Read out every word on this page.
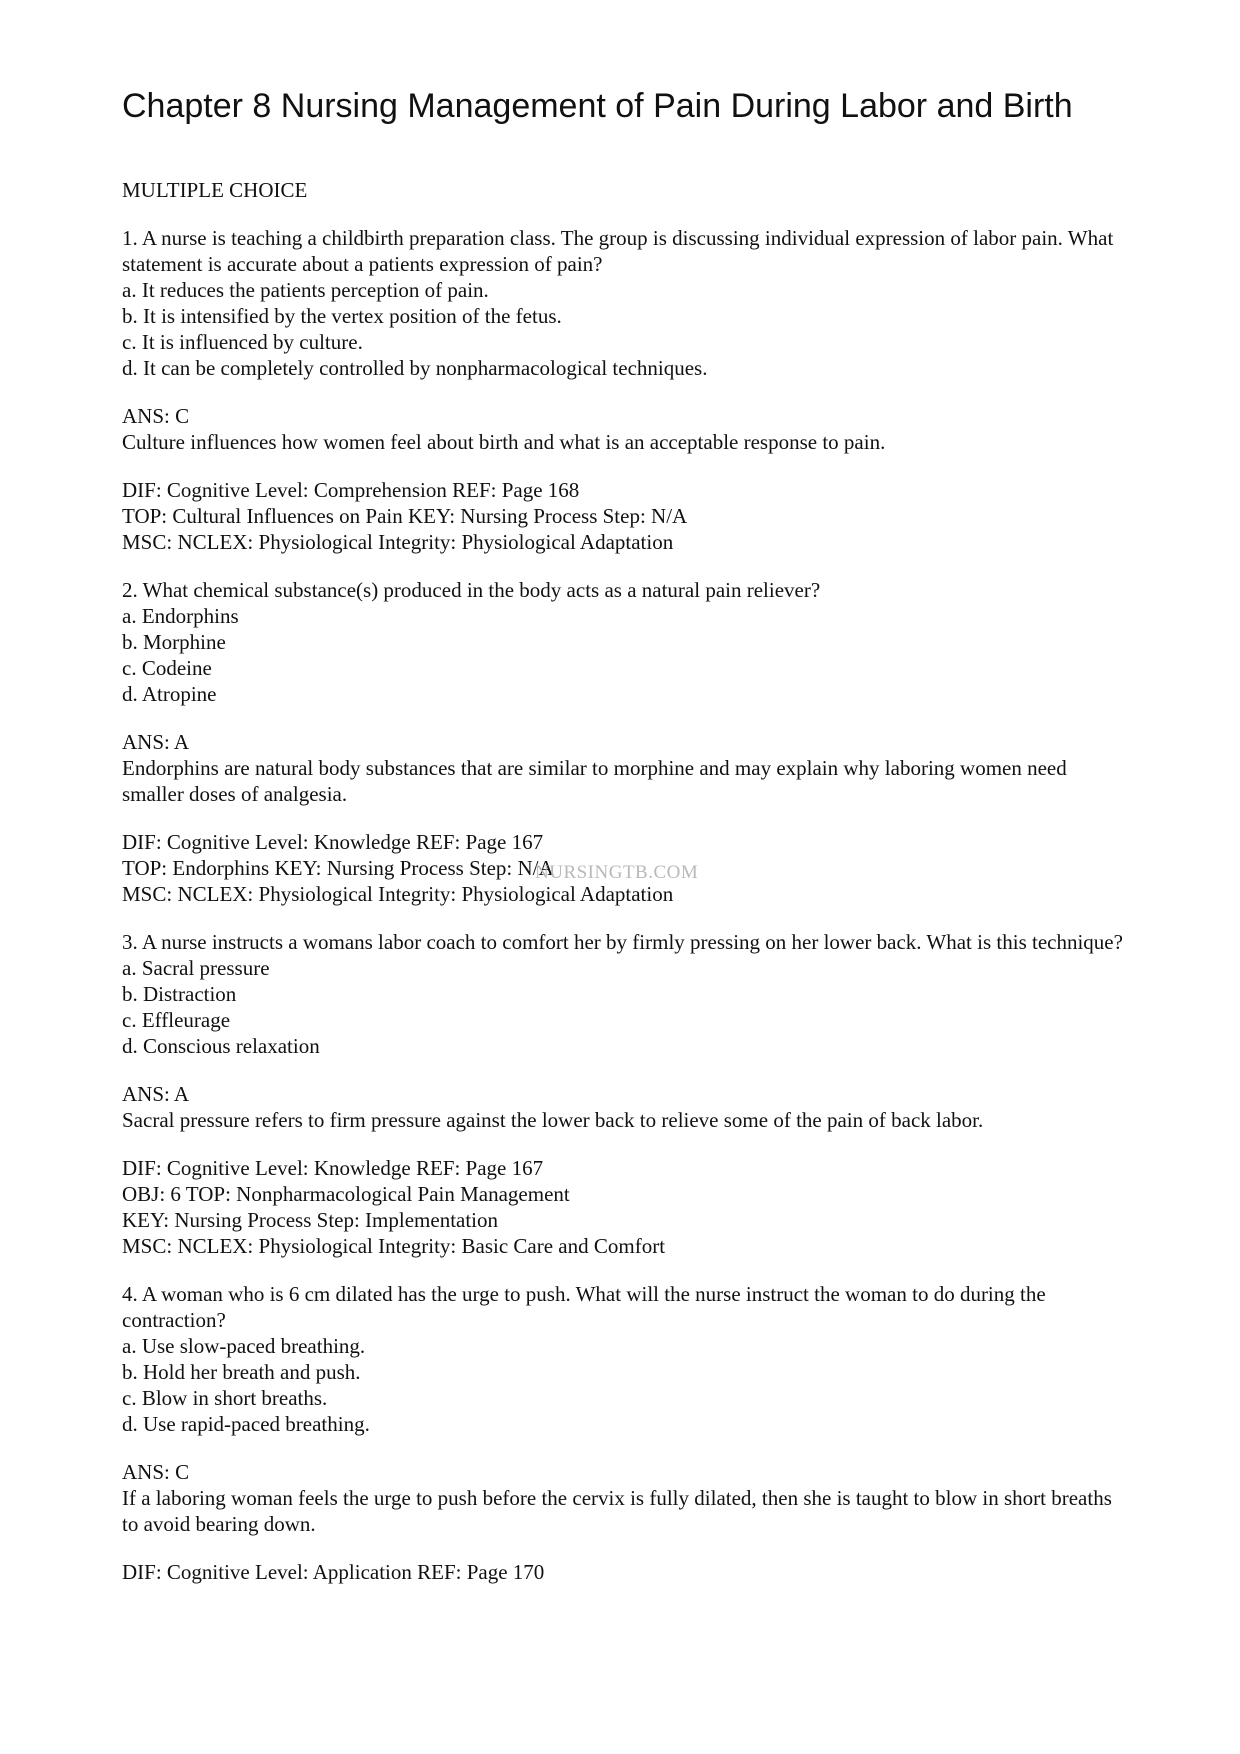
Chapter 8 Nursing Management of Pain During Labor and Birth
MULTIPLE CHOICE
1. A nurse is teaching a childbirth preparation class. The group is discussing individual expression of labor pain. What statement is accurate about a patients expression of pain?
a. It reduces the patients perception of pain.
b. It is intensified by the vertex position of the fetus.
c. It is influenced by culture.
d. It can be completely controlled by nonpharmacological techniques.
ANS: C
Culture influences how women feel about birth and what is an acceptable response to pain.
DIF: Cognitive Level: Comprehension REF: Page 168
TOP: Cultural Influences on Pain KEY: Nursing Process Step: N/A
MSC: NCLEX: Physiological Integrity: Physiological Adaptation
2. What chemical substance(s) produced in the body acts as a natural pain reliever?
a. Endorphins
b. Morphine
c. Codeine
d. Atropine
ANS: A
Endorphins are natural body substances that are similar to morphine and may explain why laboring women need smaller doses of analgesia.
DIF: Cognitive Level: Knowledge REF: Page 167
TOP: Endorphins KEY: Nursing Process Step: N/A
MSC: NCLEX: Physiological Integrity: Physiological Adaptation
3. A nurse instructs a womans labor coach to comfort her by firmly pressing on her lower back. What is this technique?
a. Sacral pressure
b. Distraction
c. Effleurage
d. Conscious relaxation
ANS: A
Sacral pressure refers to firm pressure against the lower back to relieve some of the pain of back labor.
DIF: Cognitive Level: Knowledge REF: Page 167
OBJ: 6 TOP: Nonpharmacological Pain Management
KEY: Nursing Process Step: Implementation
MSC: NCLEX: Physiological Integrity: Basic Care and Comfort
4. A woman who is 6 cm dilated has the urge to push. What will the nurse instruct the woman to do during the contraction?
a. Use slow-paced breathing.
b. Hold her breath and push.
c. Blow in short breaths.
d. Use rapid-paced breathing.
ANS: C
If a laboring woman feels the urge to push before the cervix is fully dilated, then she is taught to blow in short breaths to avoid bearing down.
DIF: Cognitive Level: Application REF: Page 170
NURSINGTB.COM
